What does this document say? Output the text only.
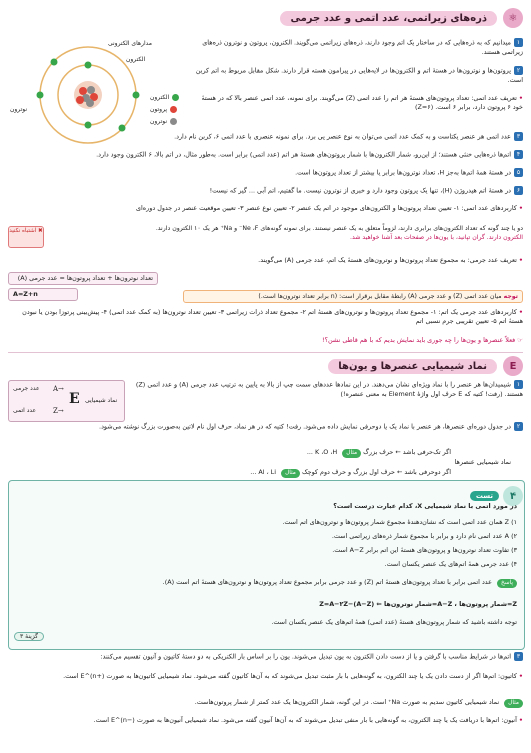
⚛
ذره‌های زیراتمی، عدد اتمی و عدد جرمی
مدارهای الکترونی
الکترون
نوترون
الکترون
پروتون
نوترون
۱میدانیم که به ذره‌هایی که در ساختار یک اتم وجود دارند، ذره‌های زیراتمی می‌گویند. الکترون، پروتون و نوترون ذره‌های زیراتمی هستند.
۲پروتون‌ها و نوترون‌ها در هستهٔ اتم و الکترون‌ها در لایه‌هایی در پیرامون هسته قرار دارند. شکل مقابل مربوط به اتم کربن است.
• تعریف عدد اتمی: تعداد پروتون‌های هستهٔ هر اتم را عدد اتمی (Z) می‌گویند. برای نمونه، عدد اتمی عنصر بالا که در هستهٔ خود ۶ پروتون دارد، برابر ۶ است. (Z=۶)
۳عدد اتمی هر عنصر یکتاست و به کمک عدد اتمی می‌توان به نوع عنصر پی برد. برای نمونه عنصری با عدد اتمی ۶، کربن نام دارد.
۴اتم‌ها ذره‌هایی خنثی هستند؛ از این‌رو، شمار الکترون‌ها با شمار پروتون‌های هستهٔ هر اتم (عدد اتمی) برابر است. به‌طور مثال، در اتم بالا، ۶ الکترون وجود دارد.
۵در هستهٔ همهٔ اتم‌ها به‌جز H، تعداد نوترون‌ها برابر یا بیشتر از تعداد پروتون‌ها است.
۶در هستهٔ اتم هیدروژن (H)، تنها یک پروتون وجود دارد و خبری از نوترون نیست. ما گفتیم، اتم آبی ... گیر که نیست!
• کاربردهای عدد اتمی: ۱- تعیین تعداد پروتون‌ها و الکترون‌های موجود در اتم یک عنصر ۲- تعیین نوع عنصر ۳- تعیین موقعیت عنصر در جدول دوره‌ای
دو یا چند گونه که تعداد الکترون‌های برابری دارند، لزوماً متعلق به یک عنصر نیستند. برای نمونه گونه‌های Ne ،F⁻ و Na⁺ هر یک ۱۰ الکترون دارند.
الکترون دارند. گران‌ تپانید، با یون‌ها در صفحات بعد آشنا خواهید شد.
✖ اشتباه نکنید
• تعریف عدد جرمی: به مجموع تعداد پروتون‌ها و نوترون‌های هستهٔ یک اتم، عدد جرمی (A) می‌گویند.
تعداد نوترون‌ها + تعداد پروتون‌ها = عدد جرمی (A)
A=Z+n	توجه میان عدد اتمی (Z) و عدد جرمی (A) رابطهٔ مقابل برقرار است: (n برابر تعداد نوترون‌ها است.)
• کاربردهای عدد جرمی یک اتم: ۱- مجموع تعداد پروتون‌ها و نوترون‌های هستهٔ اتم ۲- مجموع تعداد ذرات زیراتمی ۳- تعیین تعداد نوترون‌ها (به کمک عدد اتمی) ۴- پیش‌بینی پرتوزا بودن یا نبودن هستهٔ اتم ۵- تعیین تقریبی جرم نسبی اتم
☞ فعلاً عنصرها و یون‌ها را چه جوری باید نمایش بدیم که با هم قاطی نشن؟!
E
نماد شیمیایی عنصرها و یون‌ها
۱شیمیدان‌ها هر عنصر را با نماد ویژه‌ای نشان می‌دهند. در این نمادها عددهای سمت چپ از بالا به پایین به ترتیب عدد جرمی (A) و عدد اتمی (Z) هستند. (رفت! کتیه که E حرف اول واژهٔ Element به معنی عنصره!)
عدد جرمی
عدد اتمی
A→
Z→
E نماد شیمیایی
۲در جدول دوره‌ای عنصرها، هر عنصر با نماد یک یا دوحرفی نمایش داده می‌شود. رفت! کتیه که در هر نماد، حرف اول نام لاتین به‌صورت بزرگ نوشته می‌شود.
اگر تک‌حرفی باشد ← حرف بزرگ مثال K ،O ،H ...
نماد شیمیایی عنصرها
اگر دوحرفی باشد ← حرف اول بزرگ و حرف دوم کوچک مثال Al ، Li ...
۴
تست
در مورد اتمی با نماد شیمیایی X، کدام عبارت درست است؟
۱) Z همان عدد اتمی است که نشان‌دهندهٔ مجموع شمار پروتون‌ها و نوترون‌های اتم است.
۲) A عدد اتمی نام دارد و برابر با مجموع شمار ذره‌های زیراتمی است.
۳) تفاوت تعداد نوترون‌ها و پروتون‌های هستهٔ این اتم برابر A−Z است.
۴) عدد جرمی همهٔ اتم‌های یک عنصر یکسان است.
پاسخ عدد اتمی برابر با تعداد پروتون‌های هستهٔ اتم (Z) و عدد جرمی برابر مجموع تعداد پروتون‌ها و نوترون‌های هستهٔ اتم است (A).
Z=شمار پروتون‌ها ، A−Z=شمار نوترون‌ها ⇐ (A−Z)−Z=A−۲Z
توجه داشته باشید که شمار پروتون‌های هستهٔ (عدد اتمی) همهٔ اتم‌های یک عنصر یکسان است.
گزینهٔ ۳
۳اتم‌ها در شرایط مناسب با گرفتن و یا از دست دادن الکترون به یون تبدیل می‌شوند. یون را بر اساس بار الکتریکی به دو دستهٔ کاتیون و آنیون تقسیم می‌کنند:
• کاتیون: اتم‌ها اگر از دست دادن یک یا چند الکترون، به گونه‌هایی با بار مثبت تبدیل می‌شوند که به آن‌ها کاتیون گفته می‌شود. نماد شیمیایی کاتیون‌ها به صورت E^(n+) است.
مثال نماد شیمیایی کاتیون سدیم به صورت Na⁺ است. در این گونه، شمار الکترون‌ها یک عدد کمتر از شمار پروتون‌هاست.
• آنیون: اتم‌ها با دریافت یک یا چند الکترون، به گونه‌هایی با بار منفی تبدیل می‌شوند که به آن‌ها آنیون گفته می‌شود. نماد شیمیایی آنیون‌ها به صورت E^(n−) است.
